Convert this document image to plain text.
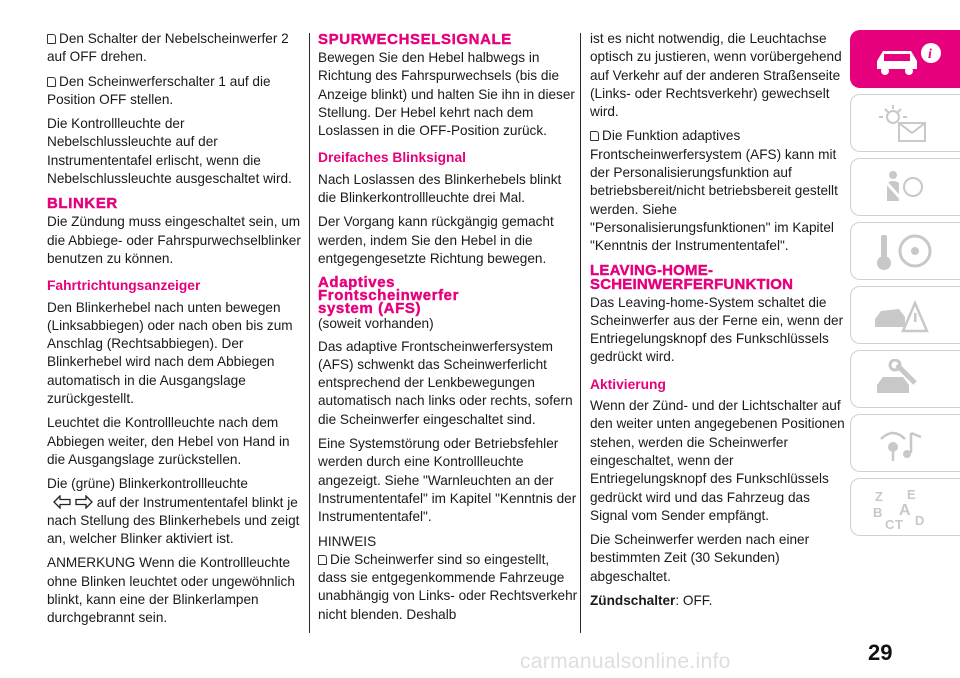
Den Schalter der Nebelscheinwerfer 2 auf OFF drehen.

Den Scheinwerferschalter 1 auf die Position OFF stellen.

Die Kontrollleuchte der Nebelschlussleuchte auf der Instrumententafel erlischt, wenn die Nebelschlussleuchte ausgeschaltet wird.

BLINKER

Die Zündung muss eingeschaltet sein, um die Abbiege- oder Fahrspurwechselblinker benutzen zu können.

Fahrtrichtungsanzeiger

Den Blinkerhebel nach unten bewegen (Linksabbiegen) oder nach oben bis zum Anschlag (Rechtsabbiegen). Der Blinkerhebel wird nach dem Abbiegen automatisch in die Ausgangslage zurückgestellt.

Leuchtet die Kontrollleuchte nach dem Abbiegen weiter, den Hebel von Hand in die Ausgangslage zurückstellen.

Die (grüne) Blinkerkontrollleuchte
auf der Instrumententafel blinkt je nach Stellung des Blinkerhebels und zeigt an, welcher Blinker aktiviert ist.

ANMERKUNG Wenn die Kontrollleuchte ohne Blinken leuchtet oder ungewöhnlich blinkt, kann eine der Blinkerlampen durchgebrannt sein.

SPURWECHSELSIGNALE

Bewegen Sie den Hebel halbwegs in Richtung des Fahrspurwechsels (bis die Anzeige blinkt) und halten Sie ihn in dieser Stellung. Der Hebel kehrt nach dem Loslassen in die OFF-Position zurück.

Dreifaches Blinksignal

Nach Loslassen des Blinkerhebels blinkt die Blinkerkontrollleuchte drei Mal.

Der Vorgang kann rückgängig gemacht werden, indem Sie den Hebel in die entgegengesetzte Richtung bewegen.

Adaptives
Frontscheinwerfer
system (AFS)

(soweit vorhanden)

Das adaptive Frontscheinwerfersystem (AFS) schwenkt das Scheinwerferlicht entsprechend der Lenkbewegungen automatisch nach links oder rechts, sofern die Scheinwerfer eingeschaltet sind.

Eine Systemstörung oder Betriebsfehler werden durch eine Kontrollleuchte angezeigt. Siehe "Warnleuchten an der Instrumententafel" im Kapitel "Kenntnis der Instrumententafel".

HINWEIS

Die Scheinwerfer sind so eingestellt, dass sie entgegenkommende Fahrzeuge unabhängig von Links- oder Rechtsverkehr nicht blenden. Deshalb

ist es nicht notwendig, die Leuchtachse optisch zu justieren, wenn vorübergehend auf Verkehr auf der anderen Straßenseite (Links- oder Rechtsverkehr) gewechselt wird.

Die Funktion adaptives Frontscheinwerfersystem (AFS) kann mit der Personalisierungsfunktion auf betriebsbereit/nicht betriebsbereit gestellt werden. Siehe "Personalisierungsfunktionen" im Kapitel "Kenntnis der Instrumententafel".

LEAVING-HOME-
SCHEINWERFERFUNKTION

Das Leaving-home-System schaltet die Scheinwerfer aus der Ferne ein, wenn der Entriegelungsknopf des Funkschlüssels gedrückt wird.

Aktivierung

Wenn der Zünd- und der Lichtschalter auf den weiter unten angegebenen Positionen stehen, werden die Scheinwerfer eingeschaltet, wenn der Entriegelungsknopf des Funkschlüssels gedrückt wird und das Fahrzeug das Signal vom Sender empfängt.

Die Scheinwerfer werden nach einer bestimmten Zeit (30 Sekunden) abgeschaltet.

Zündschalter: OFF.

i
Z E
B A
C T D
carmanualsonline.info	29
